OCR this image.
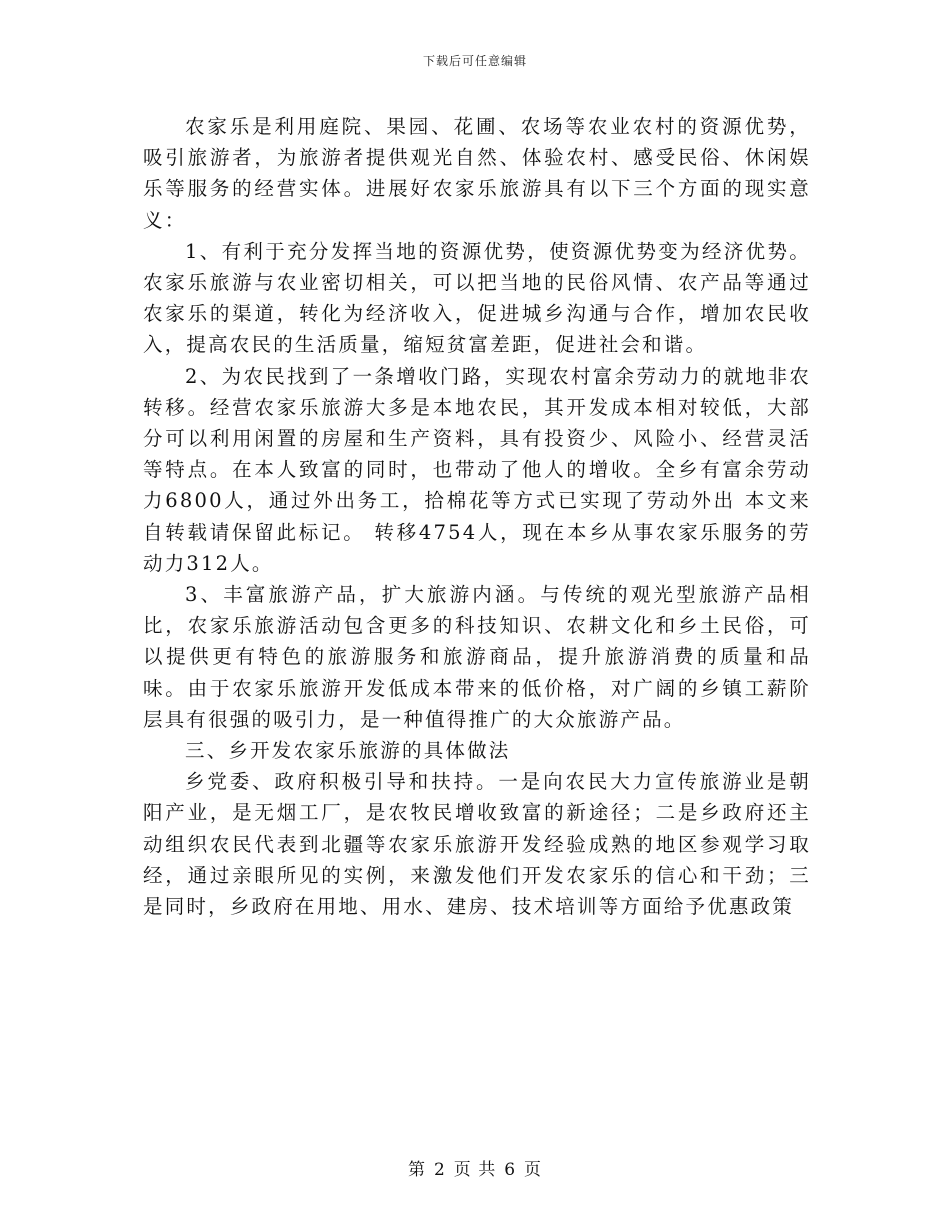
下载后可任意编辑

农家乐是利用庭院、果园、花圃、农场等农业农村的资源优势，吸引旅游者，为旅游者提供观光自然、体验农村、感受民俗、休闲娱乐等服务的经营实体。进展好农家乐旅游具有以下三个方面的现实意义：

1、有利于充分发挥当地的资源优势，使资源优势变为经济优势。农家乐旅游与农业密切相关，可以把当地的民俗风情、农产品等通过农家乐的渠道，转化为经济收入，促进城乡沟通与合作，增加农民收入，提高农民的生活质量，缩短贫富差距，促进社会和谐。

2、为农民找到了一条增收门路，实现农村富余劳动力的就地非农转移。经营农家乐旅游大多是本地农民，其开发成本相对较低，大部分可以利用闲置的房屋和生产资料，具有投资少、风险小、经营灵活等特点。在本人致富的同时，也带动了他人的增收。全乡有富余劳动力6800人，通过外出务工，拾棉花等方式已实现了劳动外出 本文来自转载请保留此标记。 转移4754人，现在本乡从事农家乐服务的劳动力312人。

3、丰富旅游产品，扩大旅游内涵。与传统的观光型旅游产品相比，农家乐旅游活动包含更多的科技知识、农耕文化和乡土民俗，可以提供更有特色的旅游服务和旅游商品，提升旅游消费的质量和品味。由于农家乐旅游开发低成本带来的低价格，对广阔的乡镇工薪阶层具有很强的吸引力，是一种值得推广的大众旅游产品。

三、乡开发农家乐旅游的具体做法

乡党委、政府积极引导和扶持。一是向农民大力宣传旅游业是朝阳产业，是无烟工厂，是农牧民增收致富的新途径；二是乡政府还主动组织农民代表到北疆等农家乐旅游开发经验成熟的地区参观学习取经，通过亲眼所见的实例，来激发他们开发农家乐的信心和干劲；三是同时，乡政府在用地、用水、建房、技术培训等方面给予优惠政策

第 2 页 共 6 页
